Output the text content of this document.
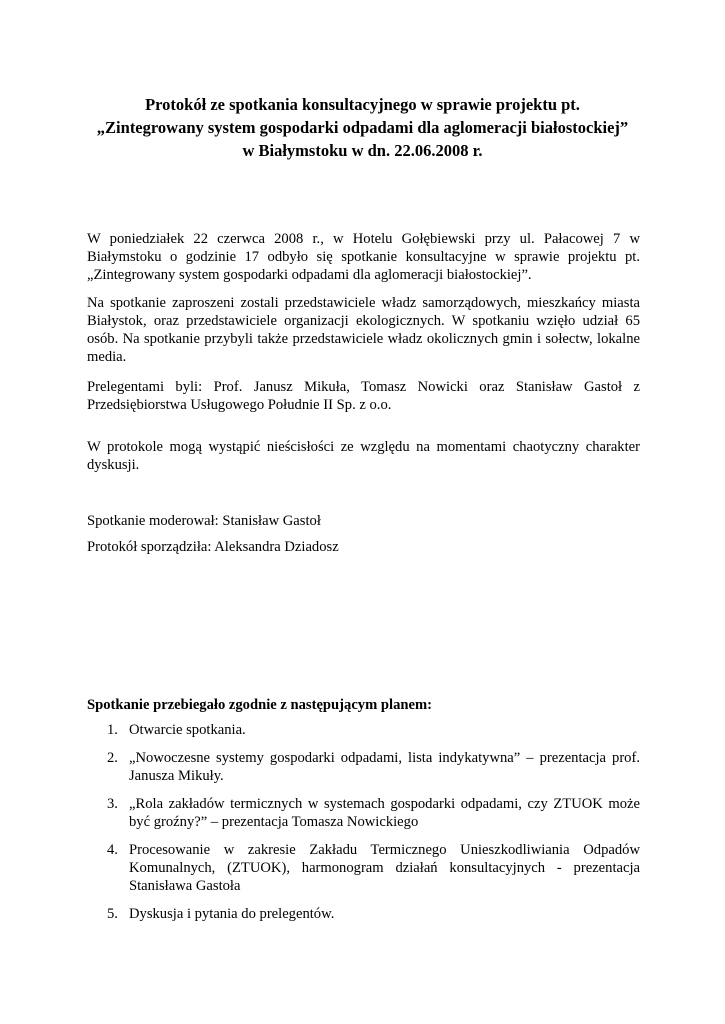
Protokół ze spotkania konsultacyjnego w sprawie projektu pt.
„Zintegrowany system gospodarki odpadami dla aglomeracji białostockiej”
w Białymstoku w dn. 22.06.2008 r.
W poniedziałek 22 czerwca 2008 r., w Hotelu Gołębiewski przy ul. Pałacowej 7 w Białymstoku o godzinie 17 odbyło się spotkanie konsultacyjne w sprawie projektu pt. „Zintegrowany system gospodarki odpadami dla aglomeracji białostockiej”.
Na spotkanie zaproszeni zostali przedstawiciele władz samorządowych, mieszkańcy miasta Białystok, oraz przedstawiciele organizacji ekologicznych. W spotkaniu wzięło udział 65 osób. Na spotkanie przybyli także przedstawiciele władz okolicznych gmin i sołectw, lokalne media.
Prelegentami byli: Prof. Janusz Mikuła, Tomasz Nowicki oraz Stanisław Gastoł z Przedsiębiorstwa Usługowego Południe II Sp. z o.o.
W protokole mogą wystąpić nieścisłości ze względu na momentami chaotyczny charakter dyskusji.
Spotkanie moderował: Stanisław Gastoł
Protokół sporządziła: Aleksandra Dziadosz
Spotkanie przebiegało zgodnie z następującym planem:
1. Otwarcie spotkania.
2. „Nowoczesne systemy gospodarki odpadami, lista indykatywna” – prezentacja prof. Janusza Mikuły.
3. „Rola zakładów termicznych w systemach gospodarki odpadami, czy ZTUOK może być groźny?” – prezentacja Tomasza Nowickiego
4. Procesowanie w zakresie Zakładu Termicznego Unieszkodliwiania Odpadów Komunalnych, (ZTUOK), harmonogram działań konsultacyjnych - prezentacja Stanisława Gastoła
5. Dyskusja i pytania do prelegentów.
